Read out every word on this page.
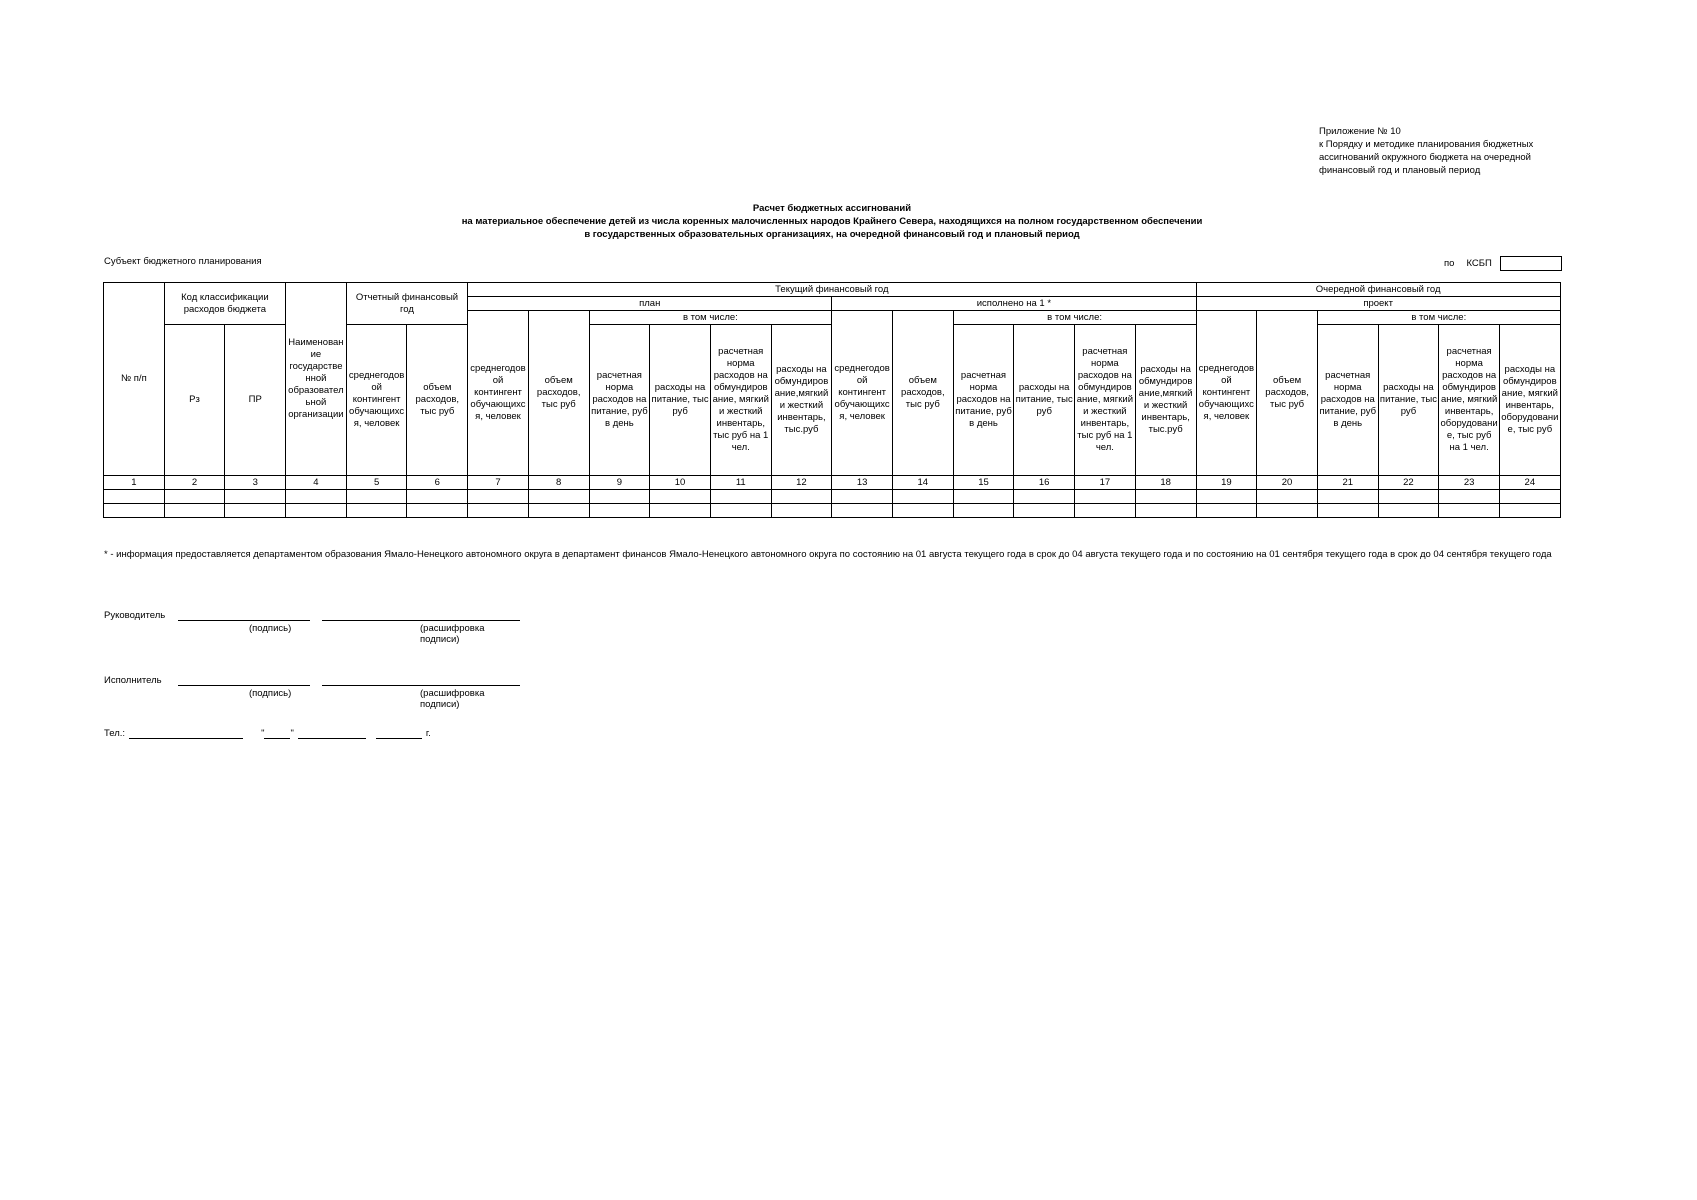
Приложение № 10
к Порядку и методике планирования бюджетных
ассигнований окружного бюджета на очередной
финансовый год и плановый период
Расчет бюджетных ассигнований
на материальное обеспечение детей из числа коренных малочисленных народов Крайнего Севера, находящихся на полном государственном обеспечении
в государственных образовательных организациях, на очередной финансовый год и плановый период
Субъект бюджетного планирования	по КСБП
№ п/п	Код классификации расходов бюджета		Наименование государственной образовательной организации	Отчетный финансовый год		Текущий финансовый год												Очередной финансовый год					
						план						исполнено на 1 *						проект					
						среднегодовой контингент обучающихся, человек	объем расходов, тыс руб	в том числе:				среднегодовой контингент обучающихся, человек	объем расходов, тыс руб	в том числе:				среднегодовой контингент обучающихся, человек	объем расходов, тыс руб	в том числе:			
	Рз	ПР		среднегодовой контингент обучающихся, человек	объем расходов, тыс руб			расчетная норма расходов на питание, руб в день	расходы на питание, тыс руб	расчетная норма расходов на обмундирование, мягкий и жесткий инвентарь, тыс руб на 1 чел.	расходы на обмундирование,мягкий и жесткий инвентарь, тыс.руб			расчетная норма расходов на питание, руб в день	расходы на питание, тыс руб	расчетная норма расходов на обмундирование, мягкий и жесткий инвентарь, тыс руб на 1 чел.	расходы на обмундирование,мягкий и жесткий инвентарь, тыс.руб			расчетная норма расходов на питание, руб в день	расходы на питание, тыс руб	расчетная норма расходов на обмундирование, мягкий инвентарь, оборудование, тыс руб на 1 чел.	расходы на обмундирование, мягкий инвентарь, оборудование, тыс руб
1	2	3	4	5	6	7	8	9	10	11	12	13	14	15	16	17	18	19	20	21	22	23	24

* - информация предоставляется департаментом образования Ямало-Ненецкого автономного округа в департамент финансов Ямало-Ненецкого автономного округа по состоянию на 01 августа текущего года в срок до 04 августа текущего года и по состоянию на 01 сентября текущего года в срок до 04 сентября текущего года
Руководитель
(подпись)	(расшифровка подписи)
Исполнитель
(подпись)	(расшифровка подписи)
Тел.:	"	"	г.
